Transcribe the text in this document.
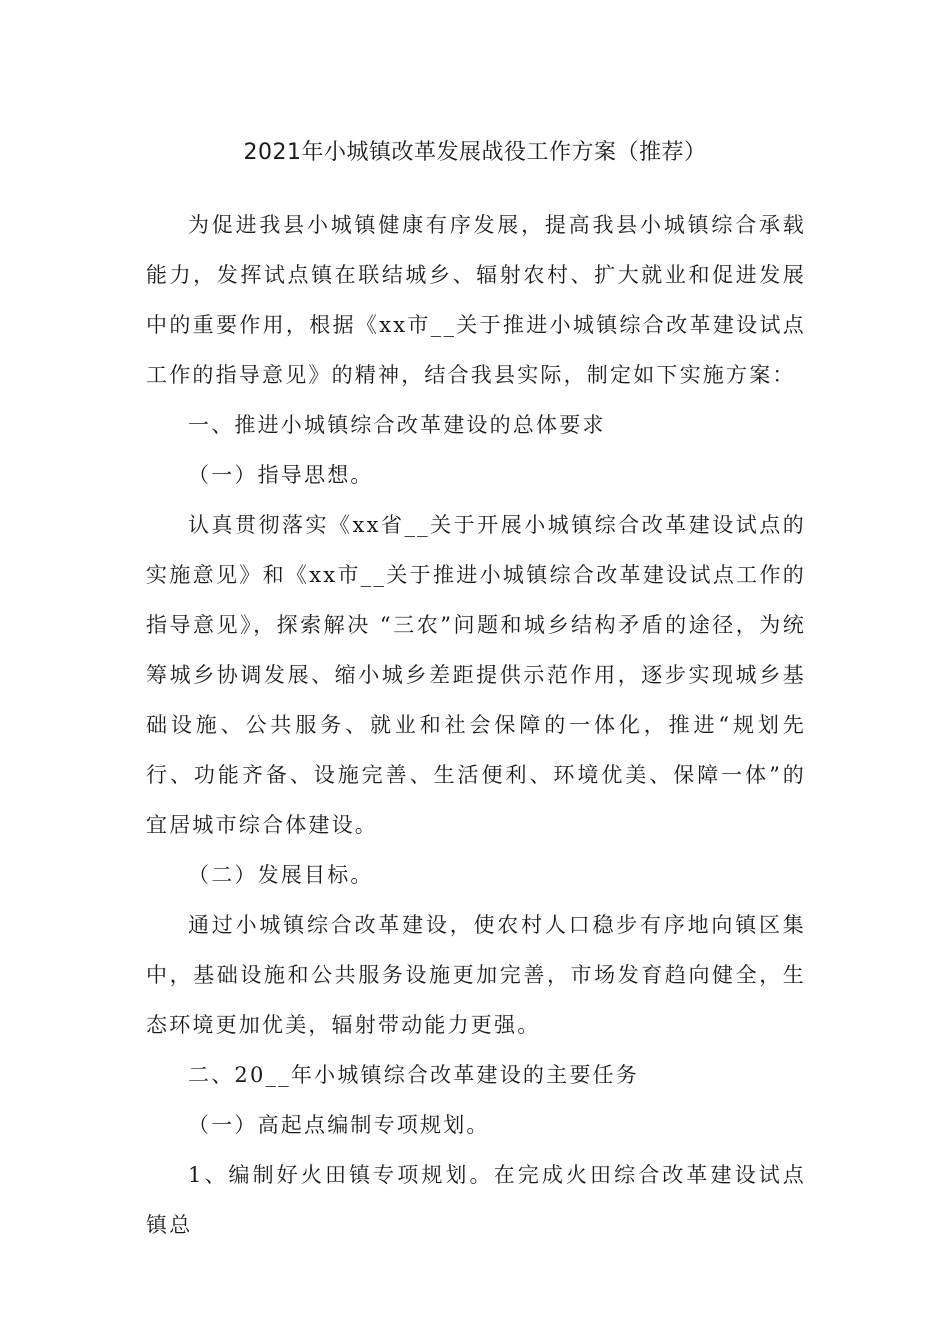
2021年小城镇改革发展战役工作方案（推荐）

为促进我县小城镇健康有序发展，提高我县小城镇综合承载能力，发挥试点镇在联结城乡、辐射农村、扩大就业和促进发展中的重要作用，根据《xx市__关于推进小城镇综合改革建设试点工作的指导意见》的精神，结合我县实际，制定如下实施方案：

一、推进小城镇综合改革建设的总体要求

（一）指导思想。

认真贯彻落实《xx省__关于开展小城镇综合改革建设试点的实施意见》和《xx市__关于推进小城镇综合改革建设试点工作的指导意见》，探索解决 “三农”问题和城乡结构矛盾的途径，为统筹城乡协调发展、缩小城乡差距提供示范作用，逐步实现城乡基础设施、公共服务、就业和社会保障的一体化，推进“规划先行、功能齐备、设施完善、生活便利、环境优美、保障一体”的宜居城市综合体建设。

（二）发展目标。

通过小城镇综合改革建设，使农村人口稳步有序地向镇区集中，基础设施和公共服务设施更加完善，市场发育趋向健全，生态环境更加优美，辐射带动能力更强。

二、20__年小城镇综合改革建设的主要任务

（一）高起点编制专项规划。

1、编制好火田镇专项规划。在完成火田综合改革建设试点镇总
